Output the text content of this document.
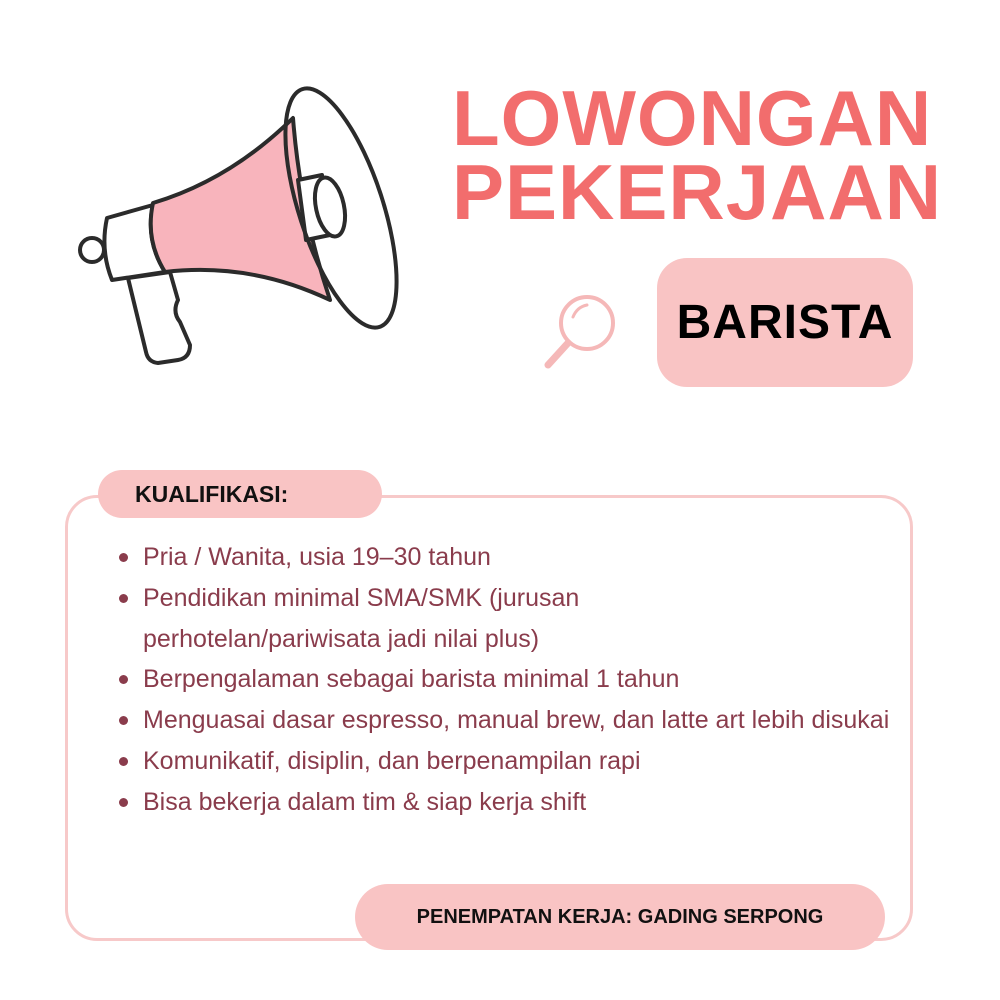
LOWONGAN
PEKERJAAN
BARISTA
KUALIFIKASI:
Pria / Wanita, usia 19–30 tahun
Pendidikan minimal SMA/SMK (jurusan perhotelan/pariwisata jadi nilai plus)
Berpengalaman sebagai barista minimal 1 tahun
Menguasai dasar espresso, manual brew, dan latte art lebih disukai
Komunikatif, disiplin, dan berpenampilan rapi
Bisa bekerja dalam tim & siap kerja shift
PENEMPATAN KERJA: GADING SERPONG
